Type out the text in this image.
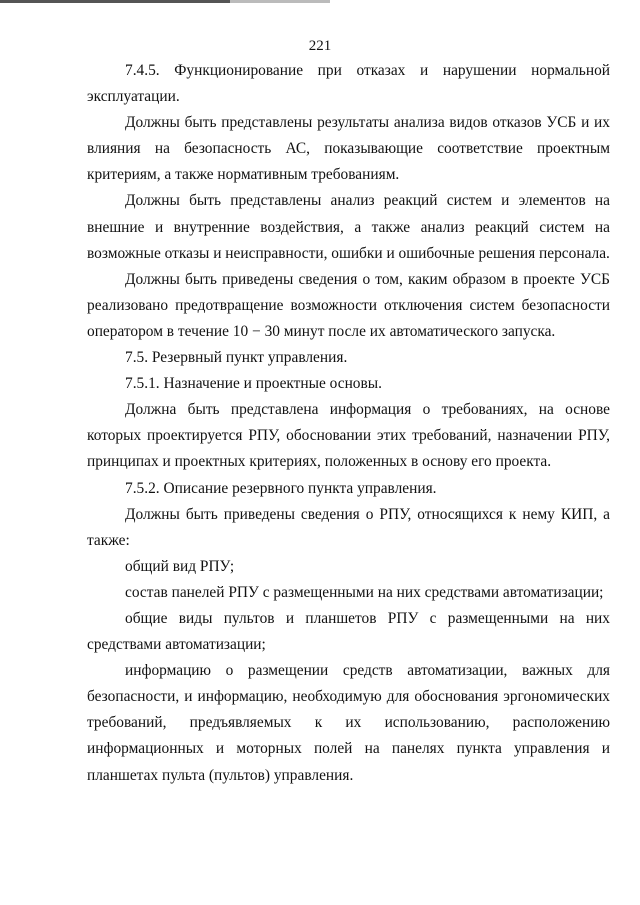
221

7.4.5. Функционирование при отказах и нарушении нормальной эксплуатации.

Должны быть представлены результаты анализа видов отказов УСБ и их влияния на безопасность АС, показывающие соответствие проектным критериям, а также нормативным требованиям.

Должны быть представлены анализ реакций систем и элементов на внешние и внутренние воздействия, а также анализ реакций систем на возможные отказы и неисправности, ошибки и ошибочные решения персонала.

Должны быть приведены сведения о том, каким образом в проекте УСБ реализовано предотвращение возможности отключения систем безопасности оператором в течение 10 − 30 минут после их автоматического запуска.

7.5. Резервный пункт управления.

7.5.1. Назначение и проектные основы.

Должна быть представлена информация о требованиях, на основе которых проектируется РПУ, обосновании этих требований, назначении РПУ, принципах и проектных критериях, положенных в основу его проекта.

7.5.2. Описание резервного пункта управления.

Должны быть приведены сведения о РПУ, относящихся к нему КИП, а также:

общий вид РПУ;

состав панелей РПУ с размещенными на них средствами автоматизации;

общие виды пультов и планшетов РПУ с размещенными на них средствами автоматизации;

информацию о размещении средств автоматизации, важных для безопасности, и информацию, необходимую для обоснования эргономических требований, предъявляемых к их использованию, расположению информационных и моторных полей на панелях пункта управления и планшетах пульта (пультов) управления.
